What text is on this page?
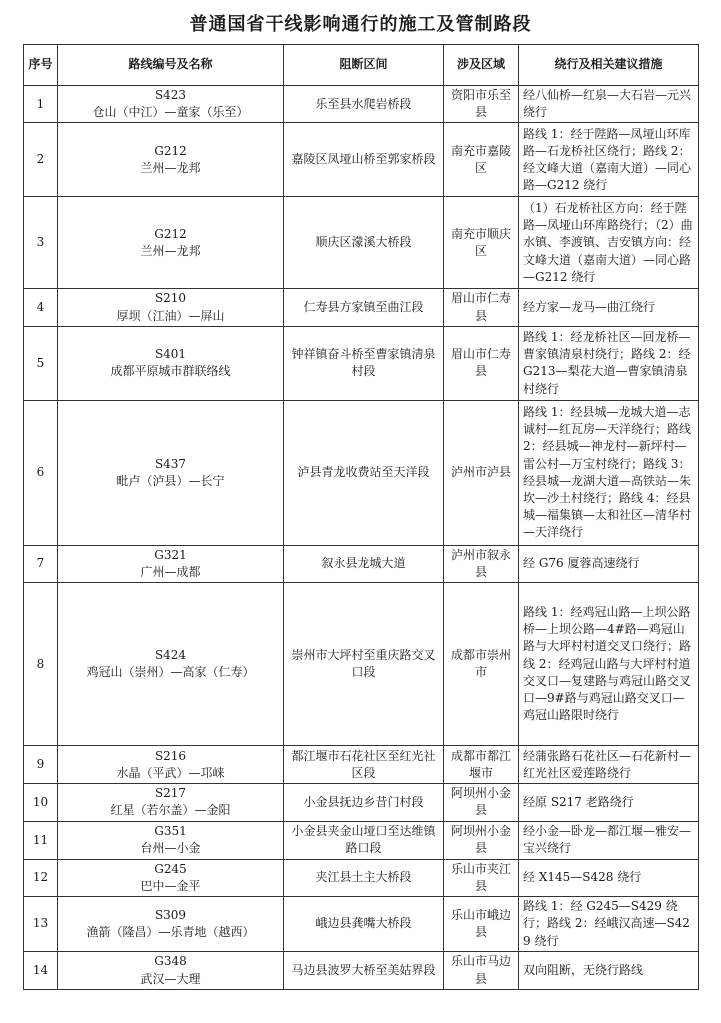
普通国省干线影响通行的施工及管制路段
序号	路线编号及名称	阻断区间	涉及区域	绕行及相关建议措施
1	S423
仓山（中江）—童家（乐至）	乐至县水爬岩桥段	资阳市乐至县	经八仙桥—红泉—大石岩—元兴绕行
2	G212
兰州—龙邦	嘉陵区凤垭山桥至郭家桥段	南充市嘉陵区	路线 1：经于陛路—凤垭山环库路—石龙桥社区绕行；路线 2：经文峰大道（嘉南大道）—同心路—G212 绕行
3	G212
兰州—龙邦	顺庆区濛溪大桥段	南充市顺庆区	（1）石龙桥社区方向：经于陛路—凤垭山环库路绕行；（2）曲水镇、李渡镇、吉安镇方向：经文峰大道（嘉南大道）—同心路—G212 绕行
4	S210
厚坝（江油）—屏山	仁寿县方家镇至曲江段	眉山市仁寿县	经方家—龙马—曲江绕行
5	S401
成都平原城市群联络线	钟祥镇奋斗桥至曹家镇清泉村段	眉山市仁寿县	路线 1：经龙桥社区—回龙桥—曹家镇清泉村绕行；路线 2：经 G213—梨花大道—曹家镇清泉村绕行
6	S437
毗卢（泸县）—长宁	泸县青龙收费站至天洋段	泸州市泸县	路线 1：经县城—龙城大道—志诚村—红瓦房—天洋绕行；路线 2：经县城—神龙村—新坪村—雷公村—万宝村绕行；路线 3：经县城—龙湖大道—高铁站—朱坎—沙土村绕行；路线 4：经县城—福集镇—太和社区—清华村—天洋绕行
7	G321
广州—成都	叙永县龙城大道	泸州市叙永县	经 G76 厦蓉高速绕行
8	S424
鸡冠山（崇州）—高家（仁寿）	崇州市大坪村至重庆路交叉口段	成都市崇州市	路线 1：经鸡冠山路—上坝公路桥—上坝公路—4#路—鸡冠山路与大坪村村道交叉口绕行；路线 2：经鸡冠山路与大坪村村道交叉口—复建路与鸡冠山路交叉口—9#路与鸡冠山路交叉口—鸡冠山路限时绕行
9	S216
水晶（平武）—邛崃	都江堰市石花社区至红光社区段	成都市都江堰市	经蒲张路石花社区—石花新村—红光社区爱莲路绕行
10	S217
红星（若尔盖）—金阳	小金县抚边乡昔门村段	阿坝州小金县	经原 S217 老路绕行
11	G351
台州—小金	小金县夹金山垭口至达维镇路口段	阿坝州小金县	经小金—卧龙—都江堰—雅安—宝兴绕行
12	G245
巴中—金平	夹江县土主大桥段	乐山市夹江县	经 X145—S428 绕行
13	S309
渔箭（隆昌）—乐青地（越西）	峨边县龚嘴大桥段	乐山市峨边县	路线 1：经 G245—S429 绕行；路线 2：经峨汉高速—S429 绕行
14	G348
武汉—大理	马边县波罗大桥至美姑界段	乐山市马边县	双向阻断，无绕行路线
